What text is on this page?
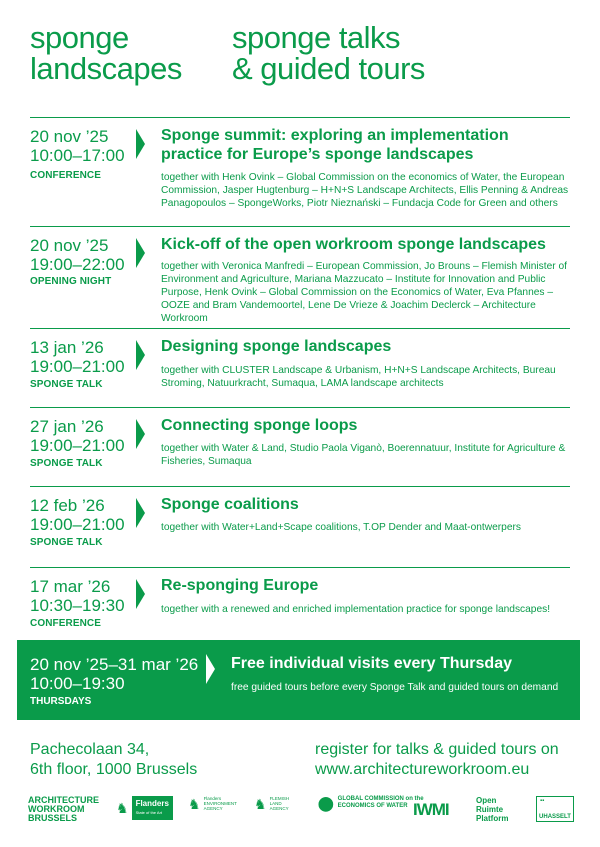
sponge
landscapes
sponge talks
& guided tours
20 nov ’25
10:00–17:00
CONFERENCE
Sponge summit: exploring an implementation practice for Europe’s sponge landscapes
together with Henk Ovink – Global Commission on the economics of Water, the European Commission, Jasper Hugtenburg – H+N+S Landscape Architects, Ellis Penning & Andreas Panagopoulos – SpongeWorks, Piotr Nieznański – Fundacja Code for Green and others
20 nov ’25
19:00–22:00
OPENING NIGHT
Kick-off of the open workroom sponge landscapes
together with Veronica Manfredi – European Commission, Jo Brouns – Flemish Minister of Environment and Agriculture, Mariana Mazzucato – Institute for Innovation and Public Purpose, Henk Ovink – Global Commission on the Economics of Water, Eva Pfannes – OOZE and Bram Vandemoortel, Lene De Vrieze & Joachim Declerck – Architecture Workroom
13 jan ’26
19:00–21:00
SPONGE TALK
Designing sponge landscapes
together with CLUSTER Landscape & Urbanism, H+N+S Landscape Architects, Bureau Stroming, Natuurkracht, Sumaqua, LAMA landscape architects
27 jan ’26
19:00–21:00
SPONGE TALK
Connecting sponge loops
together with Water & Land, Studio Paola Viganò, Boerennatuur, Institute for Agriculture & Fisheries, Sumaqua
12 feb ’26
19:00–21:00
SPONGE TALK
Sponge coalitions
together with Water+Land+Scape coalitions, T.OP Dender and Maat-ontwerpers
17 mar ’26
10:30–19:30
CONFERENCE
Re-sponging Europe
together with a renewed and enriched implementation practice for sponge landscapes!
20 nov ’25–31 mar ’26
10:00–19:30
THURSDAYS
Free individual visits every Thursday
free guided tours before every Sponge Talk and guided tours on demand
Pachecolaan 34,
6th floor, 1000 Brussels
register for talks & guided tours on
www.architectureworkroom.eu
ARCHITECTURE
WORKROOM
BRUSSELS
♞ Flanders
State of the Art
♞ Flanders
ENVIRONMENT
AGENCY	♞ FLEMISH
LAND
AGENCY ⬤ GLOBAL COMMISSION on the
ECONOMICS OF WATER IWMI	Open
Ruimte
Platform
▪▪
UHASSELT
